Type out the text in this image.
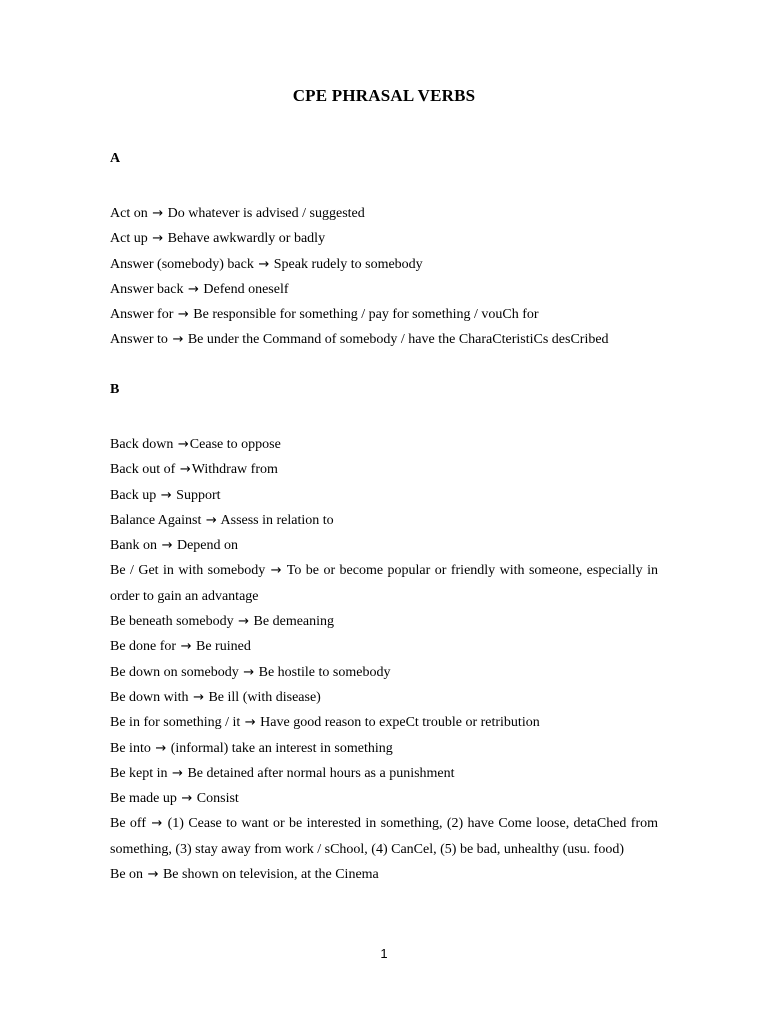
CPE PHRASAL VERBS
A

Act on → Do whatever is advised / suggested

Act up → Behave awkwardly or badly

Answer (somebody) back → Speak rudely to somebody

Answer back → Defend oneself

Answer for → Be responsible for something / pay for something / vouCh for

Answer to → Be under the Command of somebody / have the CharaCteristiCs desCribed

B

Back down →Cease to oppose

Back out of →Withdraw from

Back up → Support

Balance Against → Assess in relation to

Bank on → Depend on

Be / Get in with somebody → To be or become popular or friendly with someone, especially in order to gain an advantage

Be beneath somebody → Be demeaning

Be done for → Be ruined

Be down on somebody → Be hostile to somebody

Be down with → Be ill (with disease)

Be in for something / it → Have good reason to expeCt trouble or retribution

Be into → (informal) take an interest in something

Be kept in → Be detained after normal hours as a punishment

Be made up → Consist

Be off → (1) Cease to want or be interested in something, (2) have Come loose, detaChed from something, (3) stay away from work / sChool, (4) CanCel, (5) be bad, unhealthy (usu. food)

Be on → Be shown on television, at the Cinema

1
